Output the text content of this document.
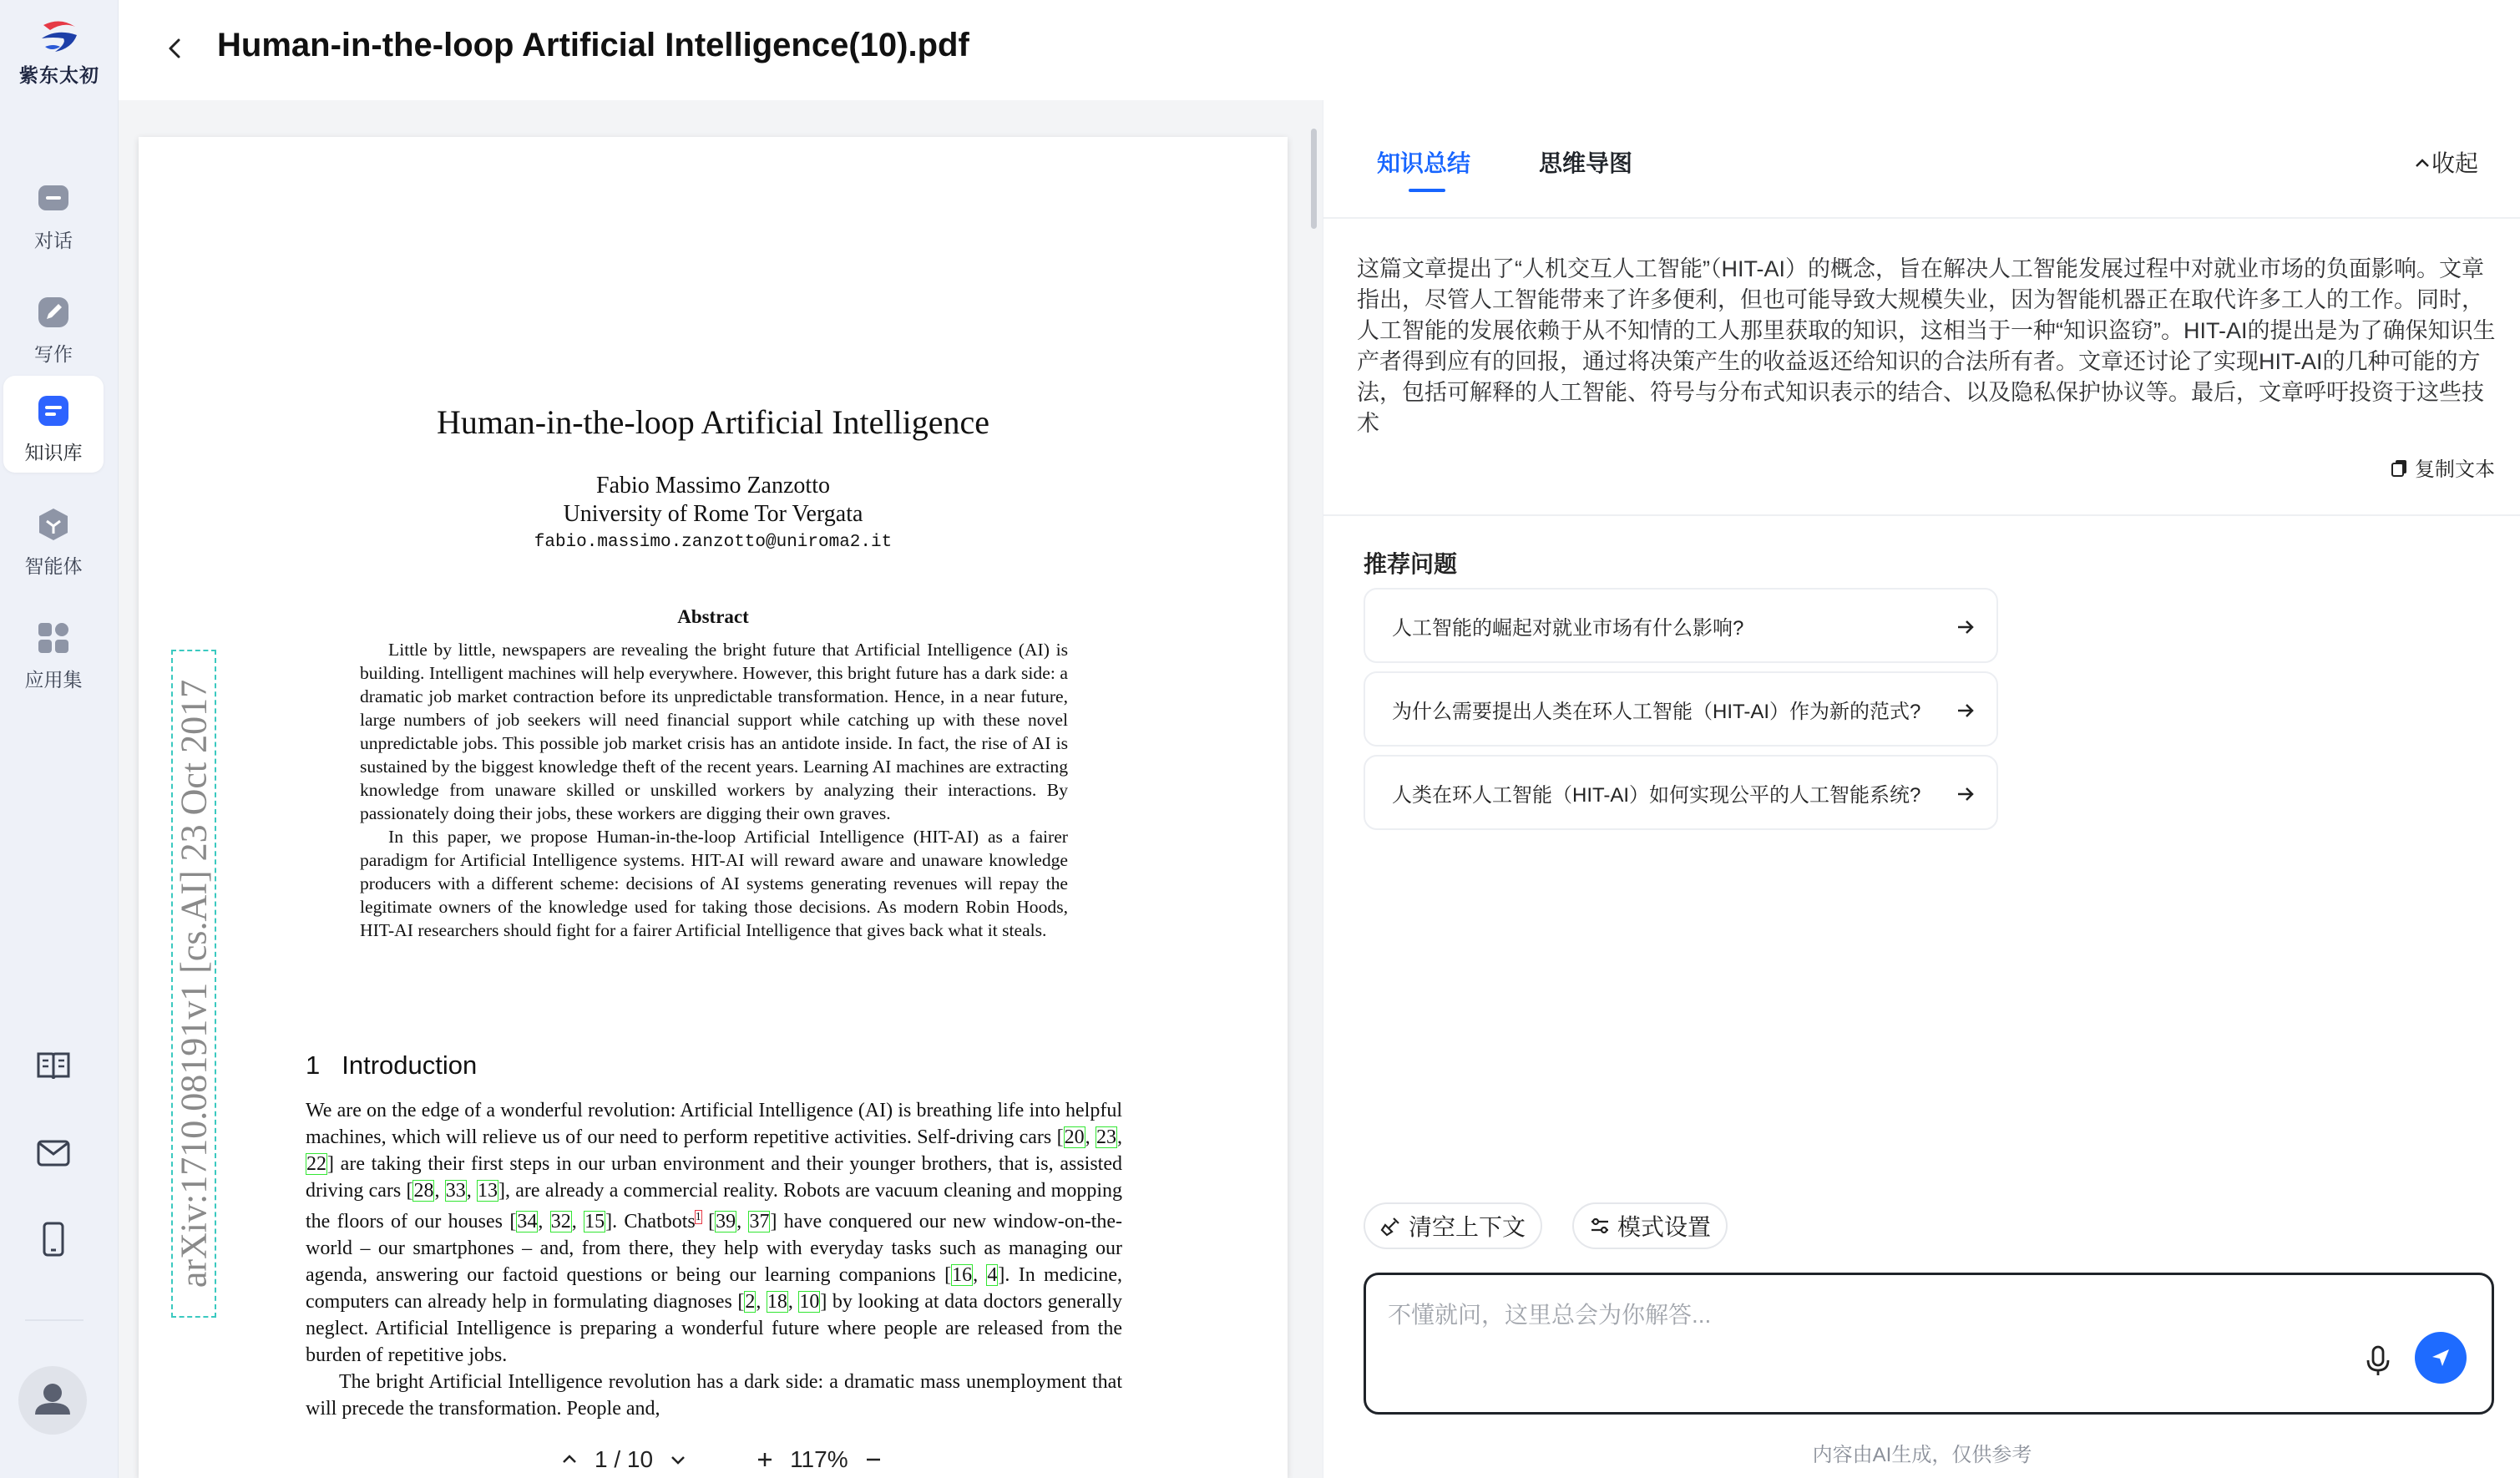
紫东太初
对话
写作
知识库
智能体
应用集
Human-in-the-loop Artificial Intelligence(10).pdf
arXiv:1710.08191v1 [cs.AI] 23 Oct 2017
Human-in-the-loop Artificial Intelligence
Fabio Massimo Zanzotto
University of Rome Tor Vergata
fabio.massimo.zanzotto@uniroma2.it
Abstract

Little by little, newspapers are revealing the bright future that Artificial Intelligence (AI) is building. Intelligent machines will help everywhere. However, this bright future has a dark side: a dramatic job market contraction before its unpredictable transformation. Hence, in a near future, large numbers of job seekers will need financial support while catching up with these novel unpredictable jobs. This possible job market crisis has an antidote inside. In fact, the rise of AI is sustained by the biggest knowledge theft of the recent years. Learning AI machines are extracting knowledge from unaware skilled or unskilled workers by analyzing their interactions. By passionately doing their jobs, these workers are digging their own graves.

In this paper, we propose Human-in-the-loop Artificial Intelligence (HIT-AI) as a fairer paradigm for Artificial Intelligence systems. HIT-AI will reward aware and unaware knowledge producers with a different scheme: decisions of AI systems generating revenues will repay the legitimate owners of the knowledge used for taking those decisions. As modern Robin Hoods, HIT-AI researchers should fight for a fairer Artificial Intelligence that gives back what it steals.

1 Introduction

We are on the edge of a wonderful revolution: Artificial Intelligence (AI) is breathing life into helpful machines, which will relieve us of our need to perform repetitive activities. Self-driving cars [20, 23, 22] are taking their first steps in our urban environment and their younger brothers, that is, assisted driving cars [28, 33, 13], are already a commercial reality. Robots are vacuum cleaning and mopping the floors of our houses [34, 32, 15]. Chatbots$^1$ [39, 37] have conquered our new window-on-the-world – our smartphones – and, from there, they help with everyday tasks such as managing our agenda, answering our factoid questions or being our learning companions [16, 4]. In medicine, computers can already help in formulating diagnoses [2, 18, 10] by looking at data doctors generally neglect. Artificial Intelligence is preparing a wonderful future where people are released from the burden of repetitive jobs.

The bright Artificial Intelligence revolution has a dark side: a dramatic mass unemployment that will precede the transformation. People and,

1 / 10	117%
知识总结	思维导图	收起
这篇文章提出了“人机交互人工智能”（HIT-AI）的概念，旨在解决人工智能发展过程中对就业市场的负面影响。文章指出，尽管人工智能带来了许多便利，但也可能导致大规模失业，因为智能机器正在取代许多工人的工作。同时，人工智能的发展依赖于从不知情的工人那里获取的知识，这相当于一种“知识盗窃”。HIT-AI的提出是为了确保知识生产者得到应有的回报，通过将决策产生的收益返还给知识的合法所有者。文章还讨论了实现HIT-AI的几种可能的方法，包括可解释的人工智能、符号与分布式知识表示的结合、以及隐私保护协议等。最后，文章呼吁投资于这些技术
复制文本
推荐问题
人工智能的崛起对就业市场有什么影响?
为什么需要提出人类在环人工智能（HIT-AI）作为新的范式?
人类在环人工智能（HIT-AI）如何实现公平的人工智能系统?
清空上下文	模式设置
不懂就问，这里总会为你解答...
内容由AI生成，仅供参考
